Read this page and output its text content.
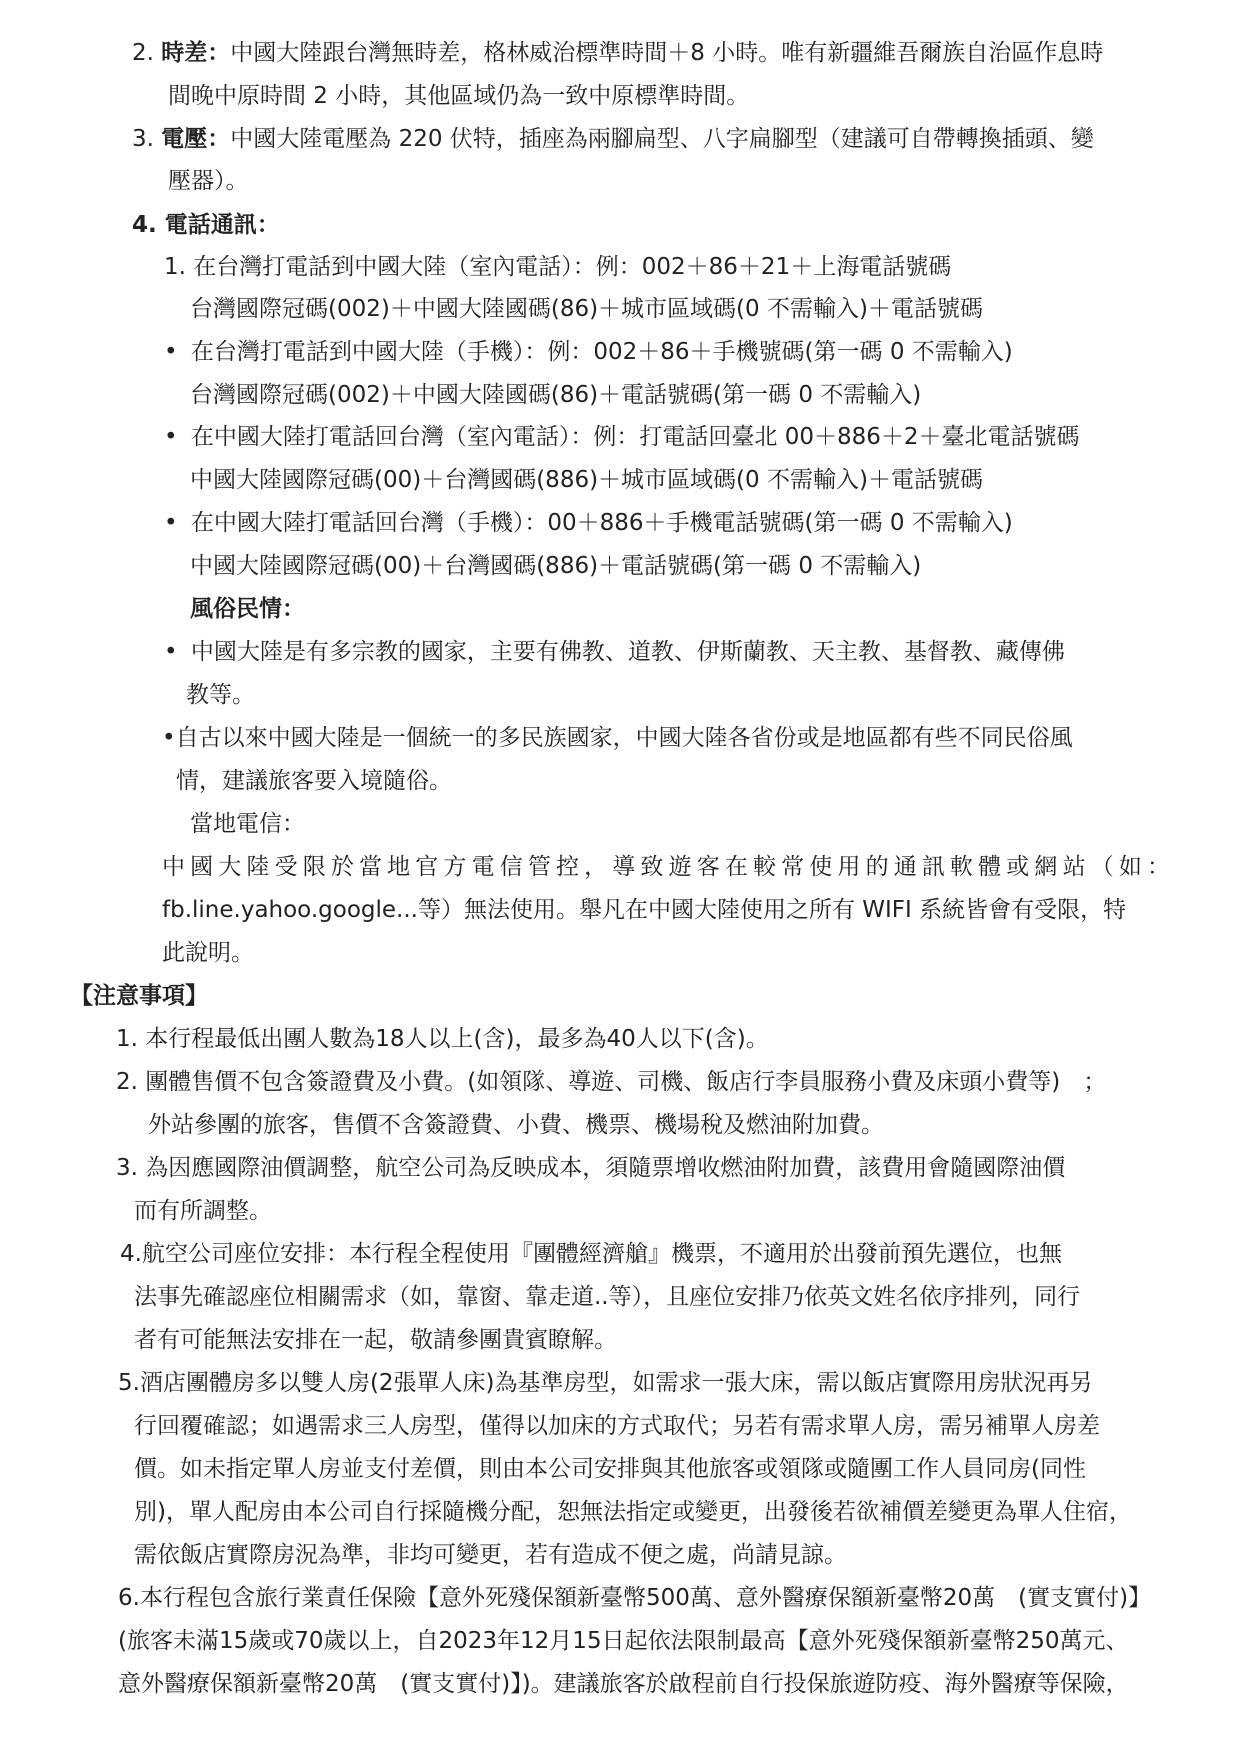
2. 時差：中國大陸跟台灣無時差，格林威治標準時間＋8 小時。唯有新疆維吾爾族自治區作息時

間晚中原時間 2 小時，其他區域仍為一致中原標準時間。

3. 電壓：中國大陸電壓為 220 伏特，插座為兩腳扁型、八字扁腳型（建議可自帶轉換插頭、變

壓器）。

4. 電話通訊：

1. 在台灣打電話到中國大陸（室內電話）：例：002＋86＋21＋上海電話號碼

台灣國際冠碼(002)＋中國大陸國碼(86)＋城市區域碼(0 不需輸入)＋電話號碼

• 在台灣打電話到中國大陸（手機）：例：002＋86＋手機號碼(第一碼 0 不需輸入)

台灣國際冠碼(002)＋中國大陸國碼(86)＋電話號碼(第一碼 0 不需輸入)

• 在中國大陸打電話回台灣（室內電話）：例：打電話回臺北 00＋886＋2＋臺北電話號碼

中國大陸國際冠碼(00)＋台灣國碼(886)＋城市區域碼(0 不需輸入)＋電話號碼

• 在中國大陸打電話回台灣（手機）：00＋886＋手機電話號碼(第一碼 0 不需輸入)

中國大陸國際冠碼(00)＋台灣國碼(886)＋電話號碼(第一碼 0 不需輸入)

風俗民情：

• 中國大陸是有多宗教的國家，主要有佛教、道教、伊斯蘭教、天主教、基督教、藏傳佛

教等。

•自古以來中國大陸是一個統一的多民族國家，中國大陸各省份或是地區都有些不同民俗風

情，建議旅客要入境隨俗。

當地電信：

中國大陸受限於當地官方電信管控，導致遊客在較常使用的通訊軟體或網站（如：

fb.line.yahoo.google...等）無法使用。舉凡在中國大陸使用之所有 WIFI 系統皆會有受限，特

此說明。

【注意事項】

1. 本行程最低出團人數為18人以上(含)，最多為40人以下(含)。

2. 團體售價不包含簽證費及小費。(如領隊、導遊、司機、飯店行李員服務小費及床頭小費等)　；

外站參團的旅客，售價不含簽證費、小費、機票、機場稅及燃油附加費。

3. 為因應國際油價調整，航空公司為反映成本，須隨票增收燃油附加費，該費用會隨國際油價

而有所調整。

4.航空公司座位安排：本行程全程使用『團體經濟艙』機票，不適用於出發前預先選位，也無

法事先確認座位相關需求（如，靠窗、靠走道..等），且座位安排乃依英文姓名依序排列，同行

者有可能無法安排在一起，敬請參團貴賓瞭解。

5.酒店團體房多以雙人房(2張單人床)為基準房型，如需求一張大床，需以飯店實際用房狀況再另

行回覆確認；如遇需求三人房型，僅得以加床的方式取代；另若有需求單人房，需另補單人房差

價。如未指定單人房並支付差價，則由本公司安排與其他旅客或領隊或隨團工作人員同房(同性

別)，單人配房由本公司自行採隨機分配，恕無法指定或變更，出發後若欲補價差變更為單人住宿，

需依飯店實際房況為準，非均可變更，若有造成不便之處，尚請見諒。

6.本行程包含旅行業責任保險【意外死殘保額新臺幣500萬、意外醫療保額新臺幣20萬　(實支實付)】

(旅客未滿15歲或70歲以上，自2023年12月15日起依法限制最高【意外死殘保額新臺幣250萬元、

意外醫療保額新臺幣20萬　(實支實付)】)。建議旅客於啟程前自行投保旅遊防疫、海外醫療等保險，
